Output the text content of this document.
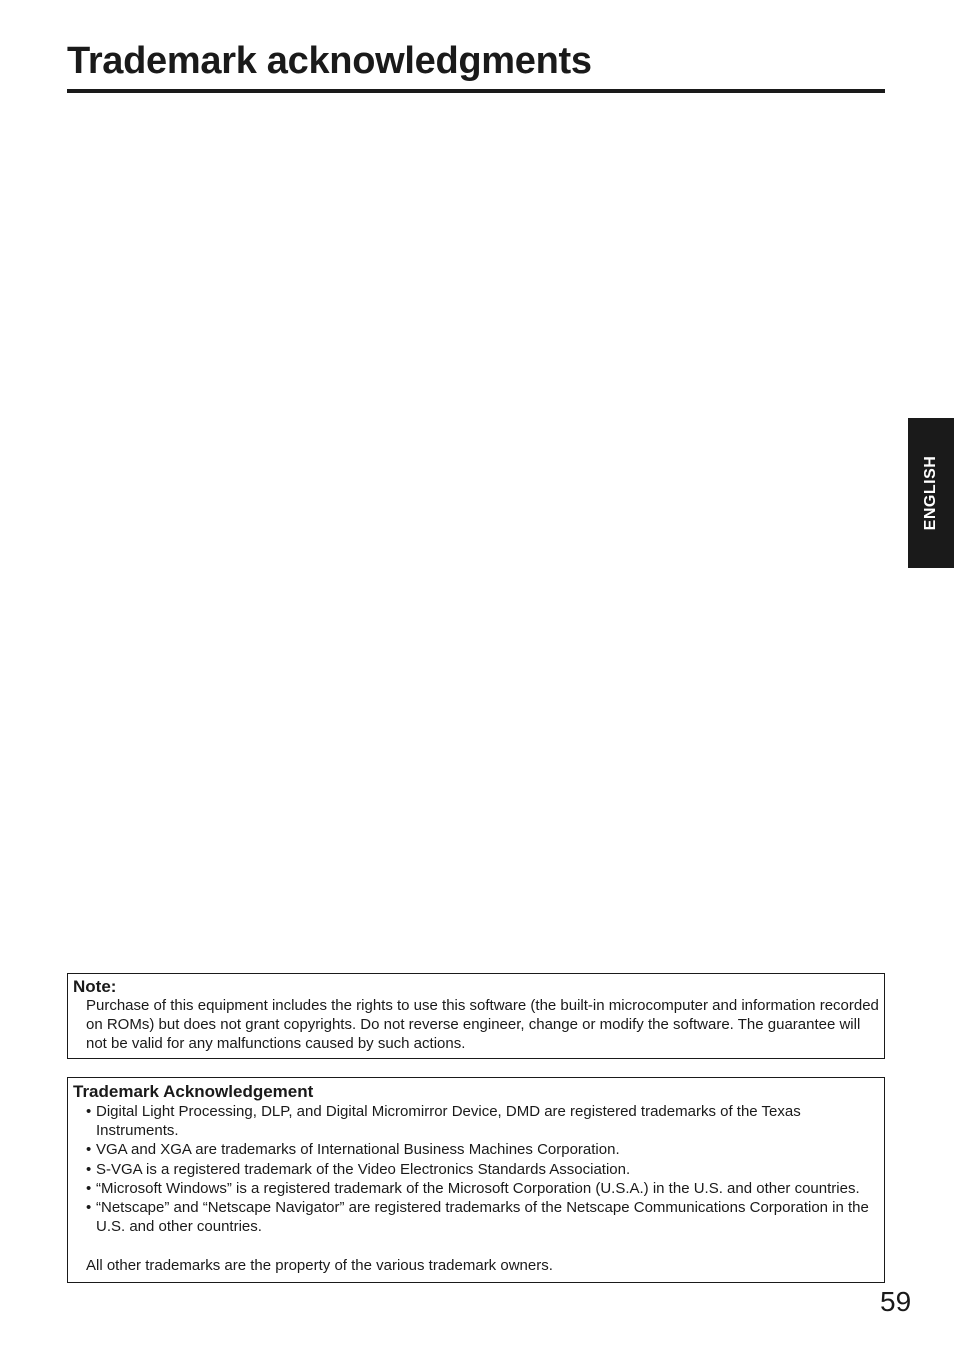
Trademark acknowledgments
ENGLISH
Note:
Purchase of this equipment includes the rights to use this software (the built-in microcomputer and information recorded on ROMs) but does not grant copyrights. Do not reverse engineer, change or modify the software. The guarantee will not be valid for any malfunctions caused by such actions.
Trademark Acknowledgement
• Digital Light Processing, DLP, and Digital Micromirror Device, DMD are registered trademarks of the Texas Instruments.
• VGA and XGA are trademarks of International Business Machines Corporation.
• S-VGA is a registered trademark of the Video Electronics Standards Association.
• “Microsoft Windows” is a registered trademark of the Microsoft Corporation (U.S.A.) in the U.S. and other countries.
• “Netscape” and “Netscape Navigator” are registered trademarks of the Netscape Communications Corporation in the U.S. and other countries.
All other trademarks are the property of the various trademark owners.
59
